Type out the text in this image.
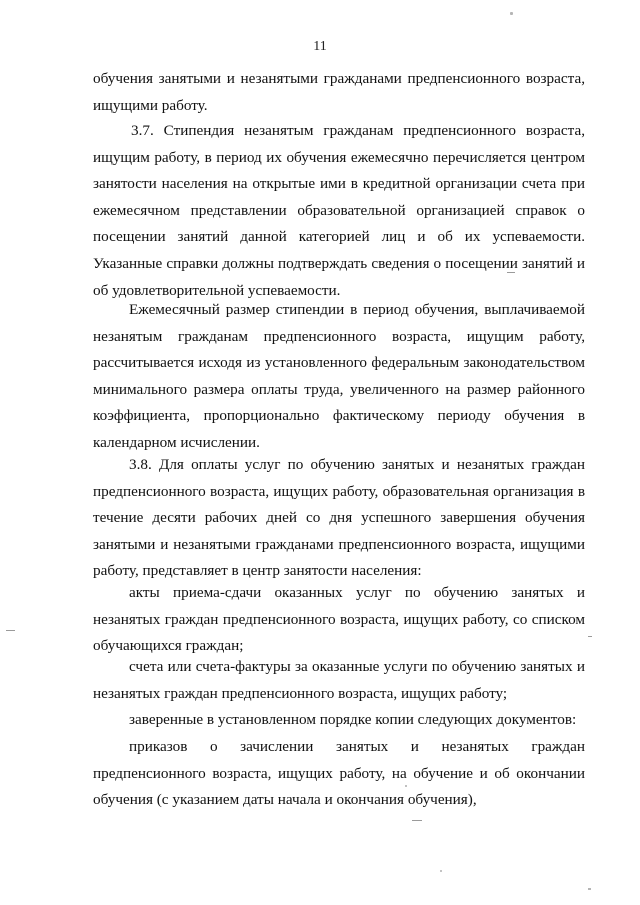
11

обучения занятыми и незанятыми гражданами предпенсионного возраста, ищущими работу.

3.7. Стипендия незанятым гражданам предпенсионного возраста, ищущим работу, в период их обучения ежемесячно перечисляется центром занятости населения на открытые ими в кредитной организации счета при ежемесячном представлении образовательной организацией справок о посещении занятий данной категорией лиц и об их успеваемости. Указанные справки должны подтверждать сведения о посещении занятий и об удовлетворительной успеваемости.

Ежемесячный размер стипендии в период обучения, выплачиваемой незанятым гражданам предпенсионного возраста, ищущим работу, рассчитывается исходя из установленного федеральным законодательством минимального размера оплаты труда, увеличенного на размер районного коэффициента, пропорционально фактическому периоду обучения в календарном исчислении.

3.8. Для оплаты услуг по обучению занятых и незанятых граждан предпенсионного возраста, ищущих работу, образовательная организация в течение десяти рабочих дней со дня успешного завершения обучения занятыми и незанятыми гражданами предпенсионного возраста, ищущими работу, представляет в центр занятости населения:

акты приема-сдачи оказанных услуг по обучению занятых и незанятых граждан предпенсионного возраста, ищущих работу, со списком обучающихся граждан;

счета или счета-фактуры за оказанные услуги по обучению занятых и незанятых граждан предпенсионного возраста, ищущих работу;

заверенные в установленном порядке копии следующих документов:

приказов о зачислении занятых и незанятых граждан предпенсионного возраста, ищущих работу, на обучение и об окончании обучения (с указанием даты начала и окончания обучения),
